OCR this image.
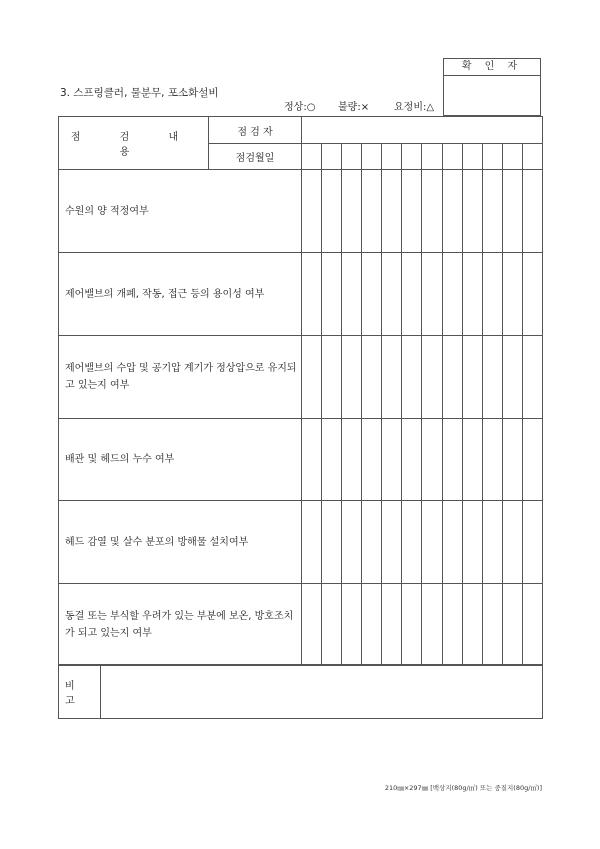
3. 스프링클러, 물분무, 포소화설비
정상:○ 불량:× 요정비:△
확 인 자
점 검 내 용	점 검 자												
	점검월일												
수원의 양 적정여부													
제어밸브의 개폐, 작동, 접근 등의 용이성 여부													
제어밸브의 수압 및 공기압 계기가 정상압으로 유지되고 있는지 여부													
배관 및 헤드의 누수 여부													
헤드 감열 및 살수 분포의 방해물 설치여부													
동결 또는 부식할 우려가 있는 부분에 보온, 방호조치가 되고 있는지 여부													
비 고	
210㎜×297㎜ [백상지(80g/㎡) 또는 중질지(80g/㎡)]
